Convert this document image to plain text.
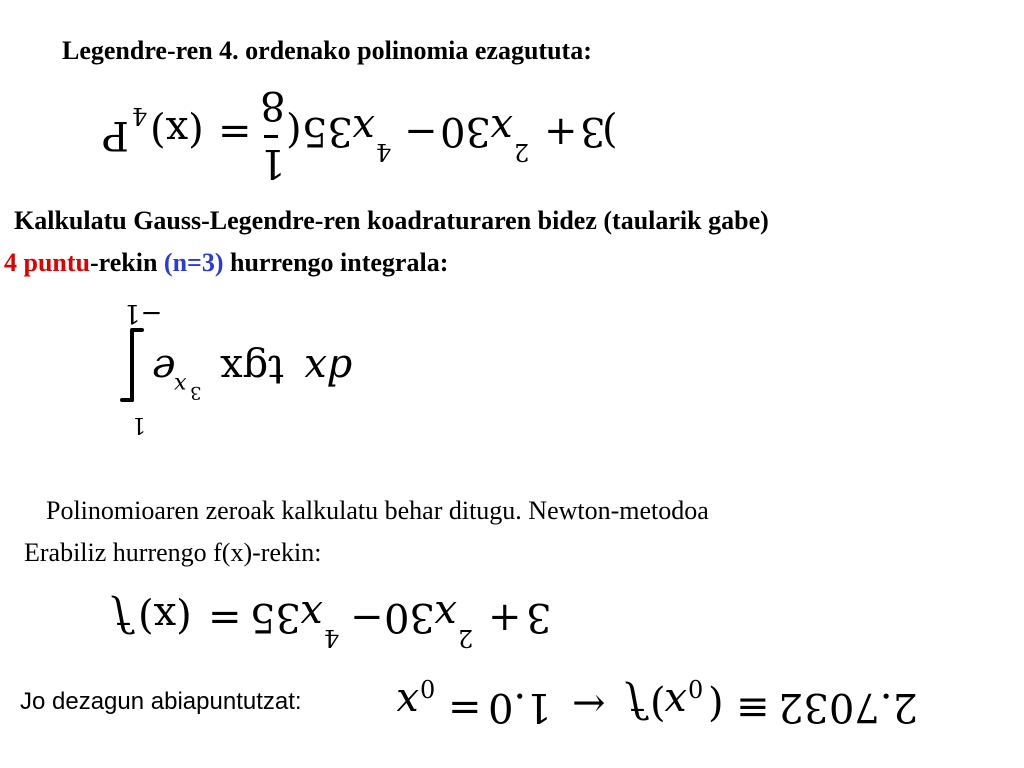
Legendre-ren 4. ordenako polinomia ezagututa:
P 4 (x) =
1
8
( 35 x 4 − 30 x 2 + 3
)
Kalkulatu Gauss-Legendre-ren koadraturaren bidez (taularik gabe)
4 puntu-rekin (n=3) hurrengo integrala:
−1
1
e
x 3
tgx dx
Polinomioaren zeroak kalkulatu behar ditugu. Newton-metodoa
Erabiliz hurrengo f(x)-rekin:
f (x) = 35 x 4 − 30 x 2 + 3
Jo dezagun abiapuntutzat: x 0 = 1.0 → f (
x 0 ) ≡ 2.7032
